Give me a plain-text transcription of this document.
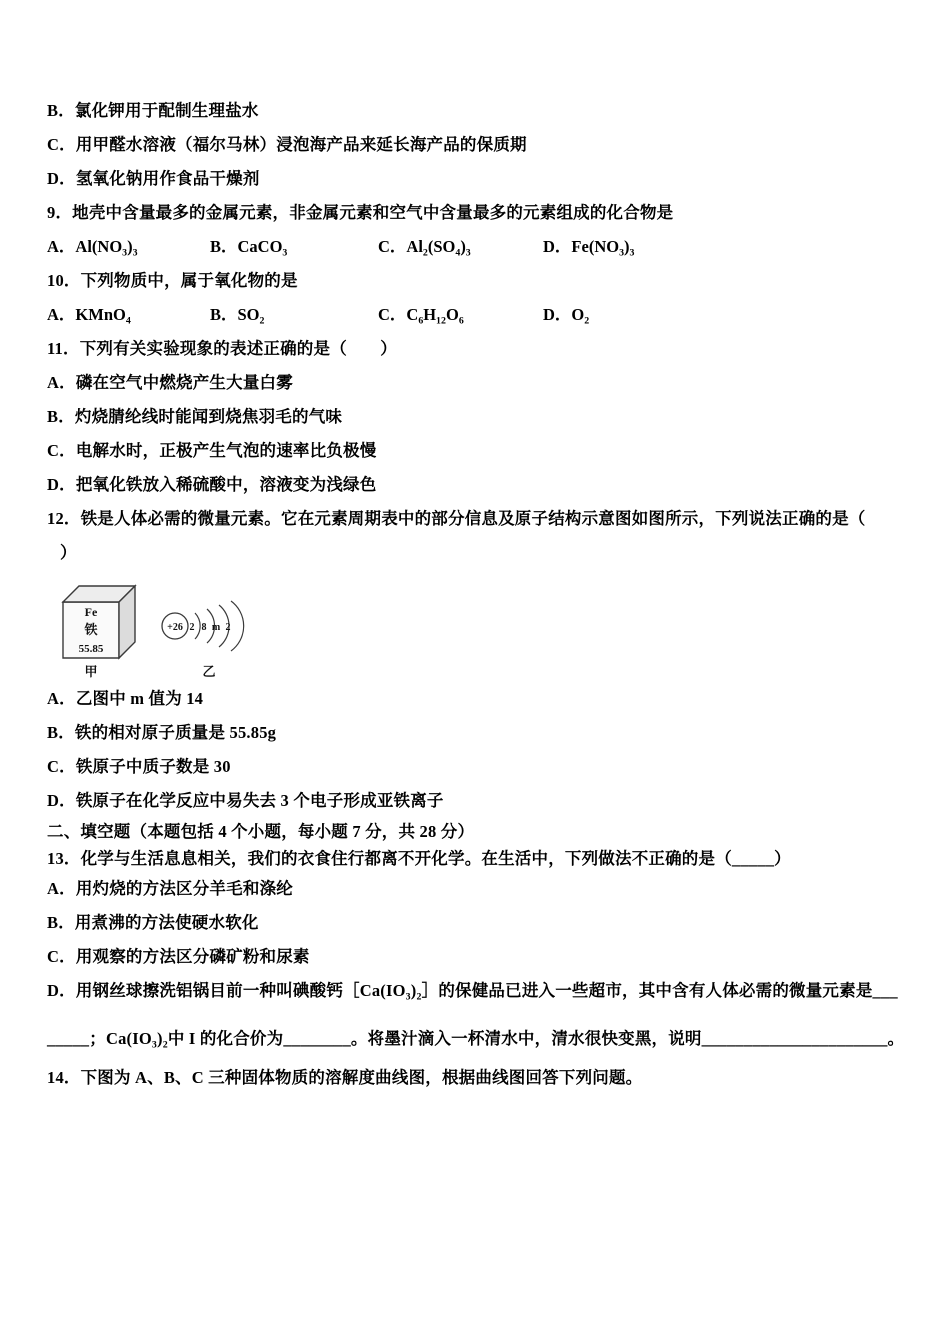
B．氯化钾用于配制生理盐水
C．用甲醛水溶液（福尔马林）浸泡海产品来延长海产品的保质期
D．氢氧化钠用作食品干燥剂
9．地壳中含量最多的金属元素，非金属元素和空气中含量最多的元素组成的化合物是
A．Al(NO₃)₃	B．CaCO₃	C．Al₂(SO₄)₃	D．Fe(NO₃)₃
10．下列物质中，属于氧化物的是
A．KMnO₄	B．SO₂	C．C₆H₁₂O₆	D．O₂
11．下列有关实验现象的表述正确的是（　　）
A．磷在空气中燃烧产生大量白雾
B．灼烧腈纶线时能闻到烧焦羽毛的气味
C．电解水时，正极产生气泡的速率比负极慢
D．把氧化铁放入稀硫酸中，溶液变为浅绿色
12．铁是人体必需的微量元素。它在元素周期表中的部分信息及原子结构示意图如图所示，下列说法正确的是（
）
Fe
铁
55.85
甲
+26 2 8 m 2
乙
A．乙图中 m 值为 14
B．铁的相对原子质量是 55.85g
C．铁原子中质子数是 30
D．铁原子在化学反应中易失去 3 个电子形成亚铁离子
二、填空题（本题包括 4 个小题，每小题 7 分，共 28 分）
13．化学与生活息息相关，我们的衣食住行都离不开化学。在生活中，下列做法不正确的是（_____）
A．用灼烧的方法区分羊毛和涤纶
B．用煮沸的方法使硬水软化
C．用观察的方法区分磷矿粉和尿素
D．用钢丝球擦洗铝锅目前一种叫碘酸钙［Ca(IO₃)₂］的保健品已进入一些超市，其中含有人体必需的微量元素是___
_____；Ca(IO₃)₂中 I 的化合价为________。将墨汁滴入一杯清水中，清水很快变黑，说明______________________。
14．下图为 A、B、C 三种固体物质的溶解度曲线图，根据曲线图回答下列问题。
